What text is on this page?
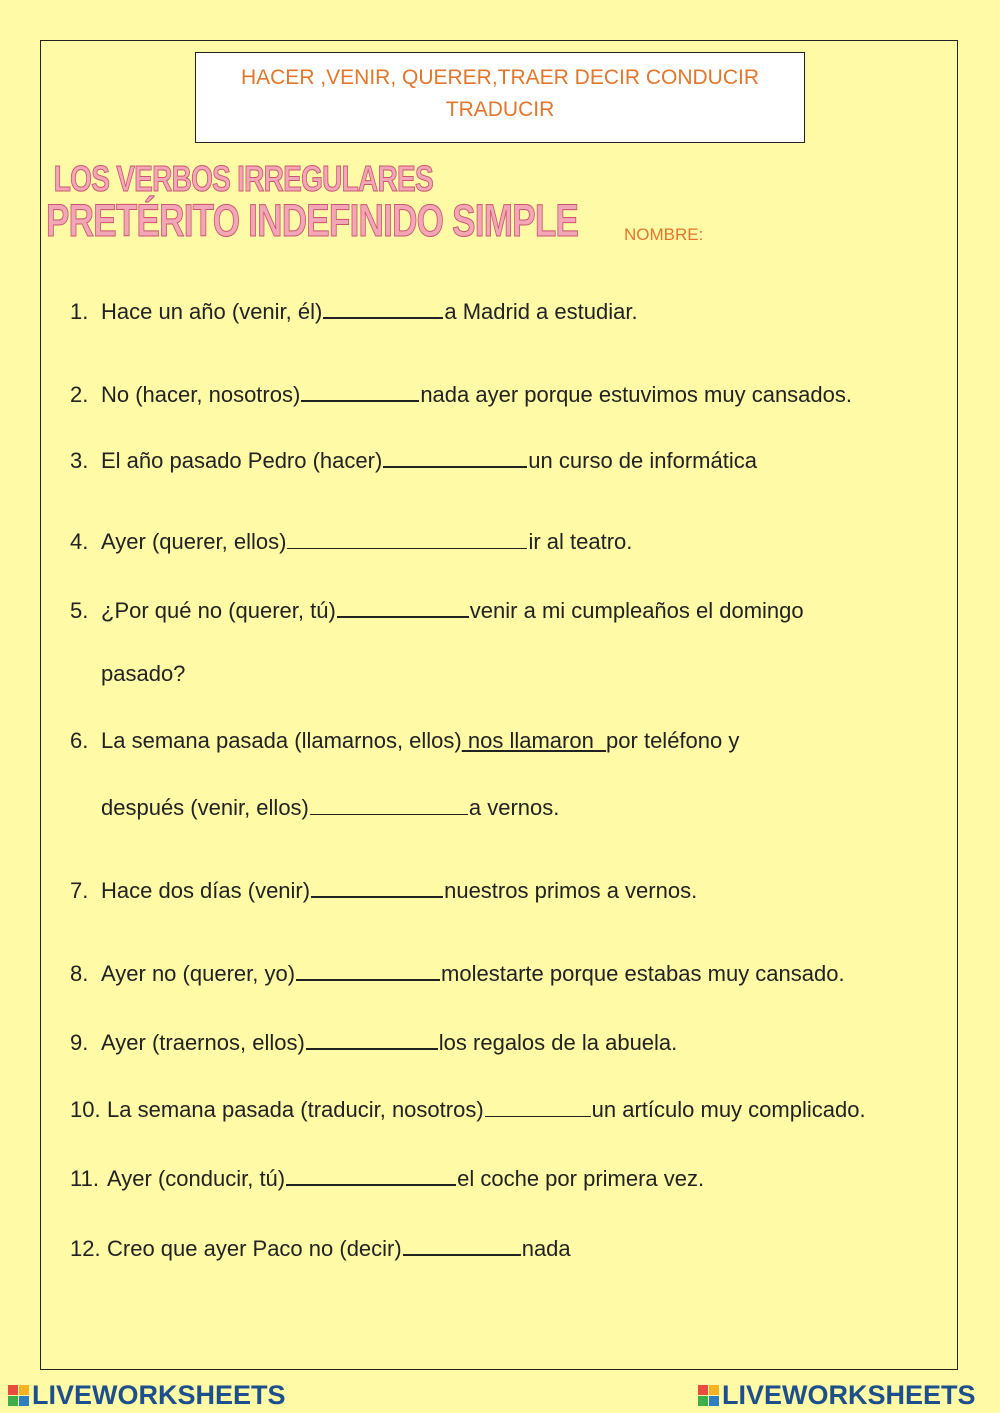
HACER ,VENIR, QUERER,TRAER DECIR CONDUCIR
TRADUCIR
LOS VERBOS IRREGULARES
PRETÉRITO INDEFINIDO SIMPLE	NOMBRE:
1. Hace un año (venir, él)	a Madrid a estudiar.
2. No (hacer, nosotros)	nada ayer porque estuvimos muy cansados.
3. El año pasado Pedro (hacer)	un curso de informática
4. Ayer (querer, ellos)	ir al teatro.
5. ¿Por qué no (querer, tú)	venir a mi cumpleaños el domingo
pasado?
6. La semana pasada (llamarnos, ellos) nos llamaron  por teléfono y
después (venir, ellos)	a vernos.
7. Hace dos días (venir)	nuestros primos a vernos.
8. Ayer no (querer, yo)	molestarte porque estabas muy cansado.
9. Ayer (traernos, ellos)	los regalos de la abuela.
10. La semana pasada (traducir, nosotros)	un artículo muy complicado.
11. Ayer (conducir, tú)	el coche por primera vez.
12. Creo que ayer Paco no (decir)	nada
LIVEWORKSHEETS	LIVEWORKSHEETS
